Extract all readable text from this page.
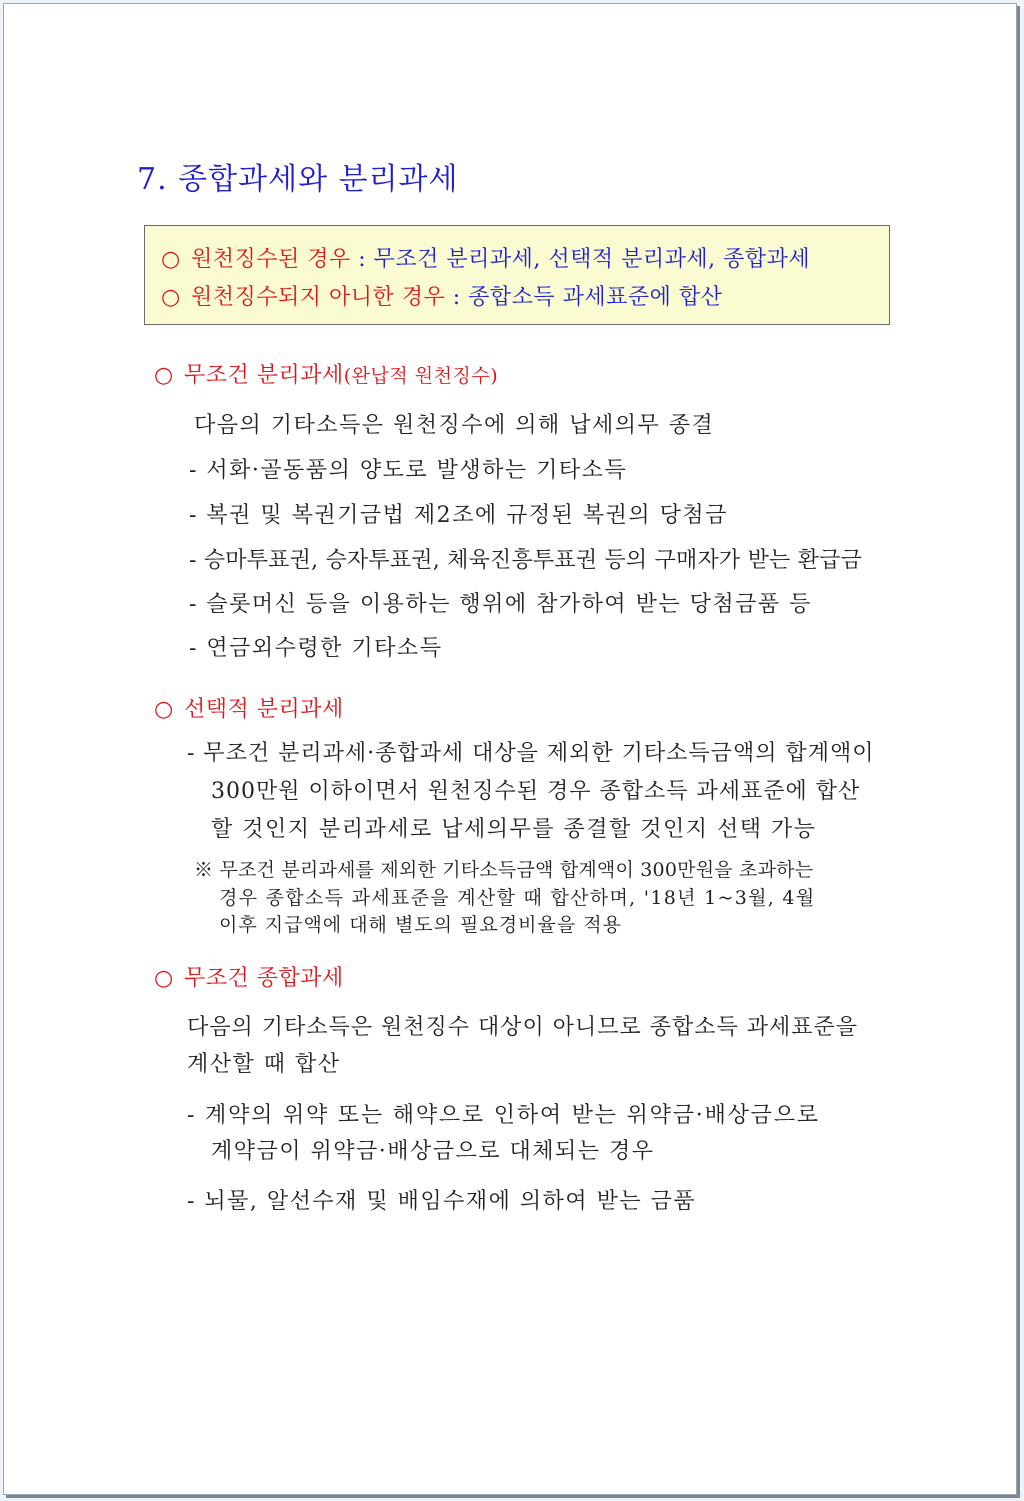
7. 종합과세와 분리과세
○ 원천징수된 경우 : 무조건 분리과세, 선택적 분리과세, 종합과세
○ 원천징수되지 아니한 경우 : 종합소득 과세표준에 합산
○ 무조건 분리과세(완납적 원천징수)
다음의 기타소득은 원천징수에 의해 납세의무 종결
- 서화·골동품의 양도로 발생하는 기타소득
- 복권 및 복권기금법 제2조에 규정된 복권의 당첨금
- 승마투표권, 승자투표권, 체육진흥투표권 등의 구매자가 받는 환급금
- 슬롯머신 등을 이용하는 행위에 참가하여 받는 당첨금품 등
- 연금외수령한 기타소득
○ 선택적 분리과세
- 무조건 분리과세·종합과세 대상을 제외한 기타소득금액의 합계액이
300만원 이하이면서 원천징수된 경우 종합소득 과세표준에 합산
할 것인지 분리과세로 납세의무를 종결할 것인지 선택 가능
※ 무조건 분리과세를 제외한 기타소득금액 합계액이 300만원을 초과하는
경우 종합소득 과세표준을 계산할 때 합산하며, '18년 1~3월, 4월
이후 지급액에 대해 별도의 필요경비율을 적용
○ 무조건 종합과세
다음의 기타소득은 원천징수 대상이 아니므로 종합소득 과세표준을
계산할 때 합산
- 계약의 위약 또는 해약으로 인하여 받는 위약금·배상금으로
계약금이 위약금·배상금으로 대체되는 경우
- 뇌물, 알선수재 및 배임수재에 의하여 받는 금품
